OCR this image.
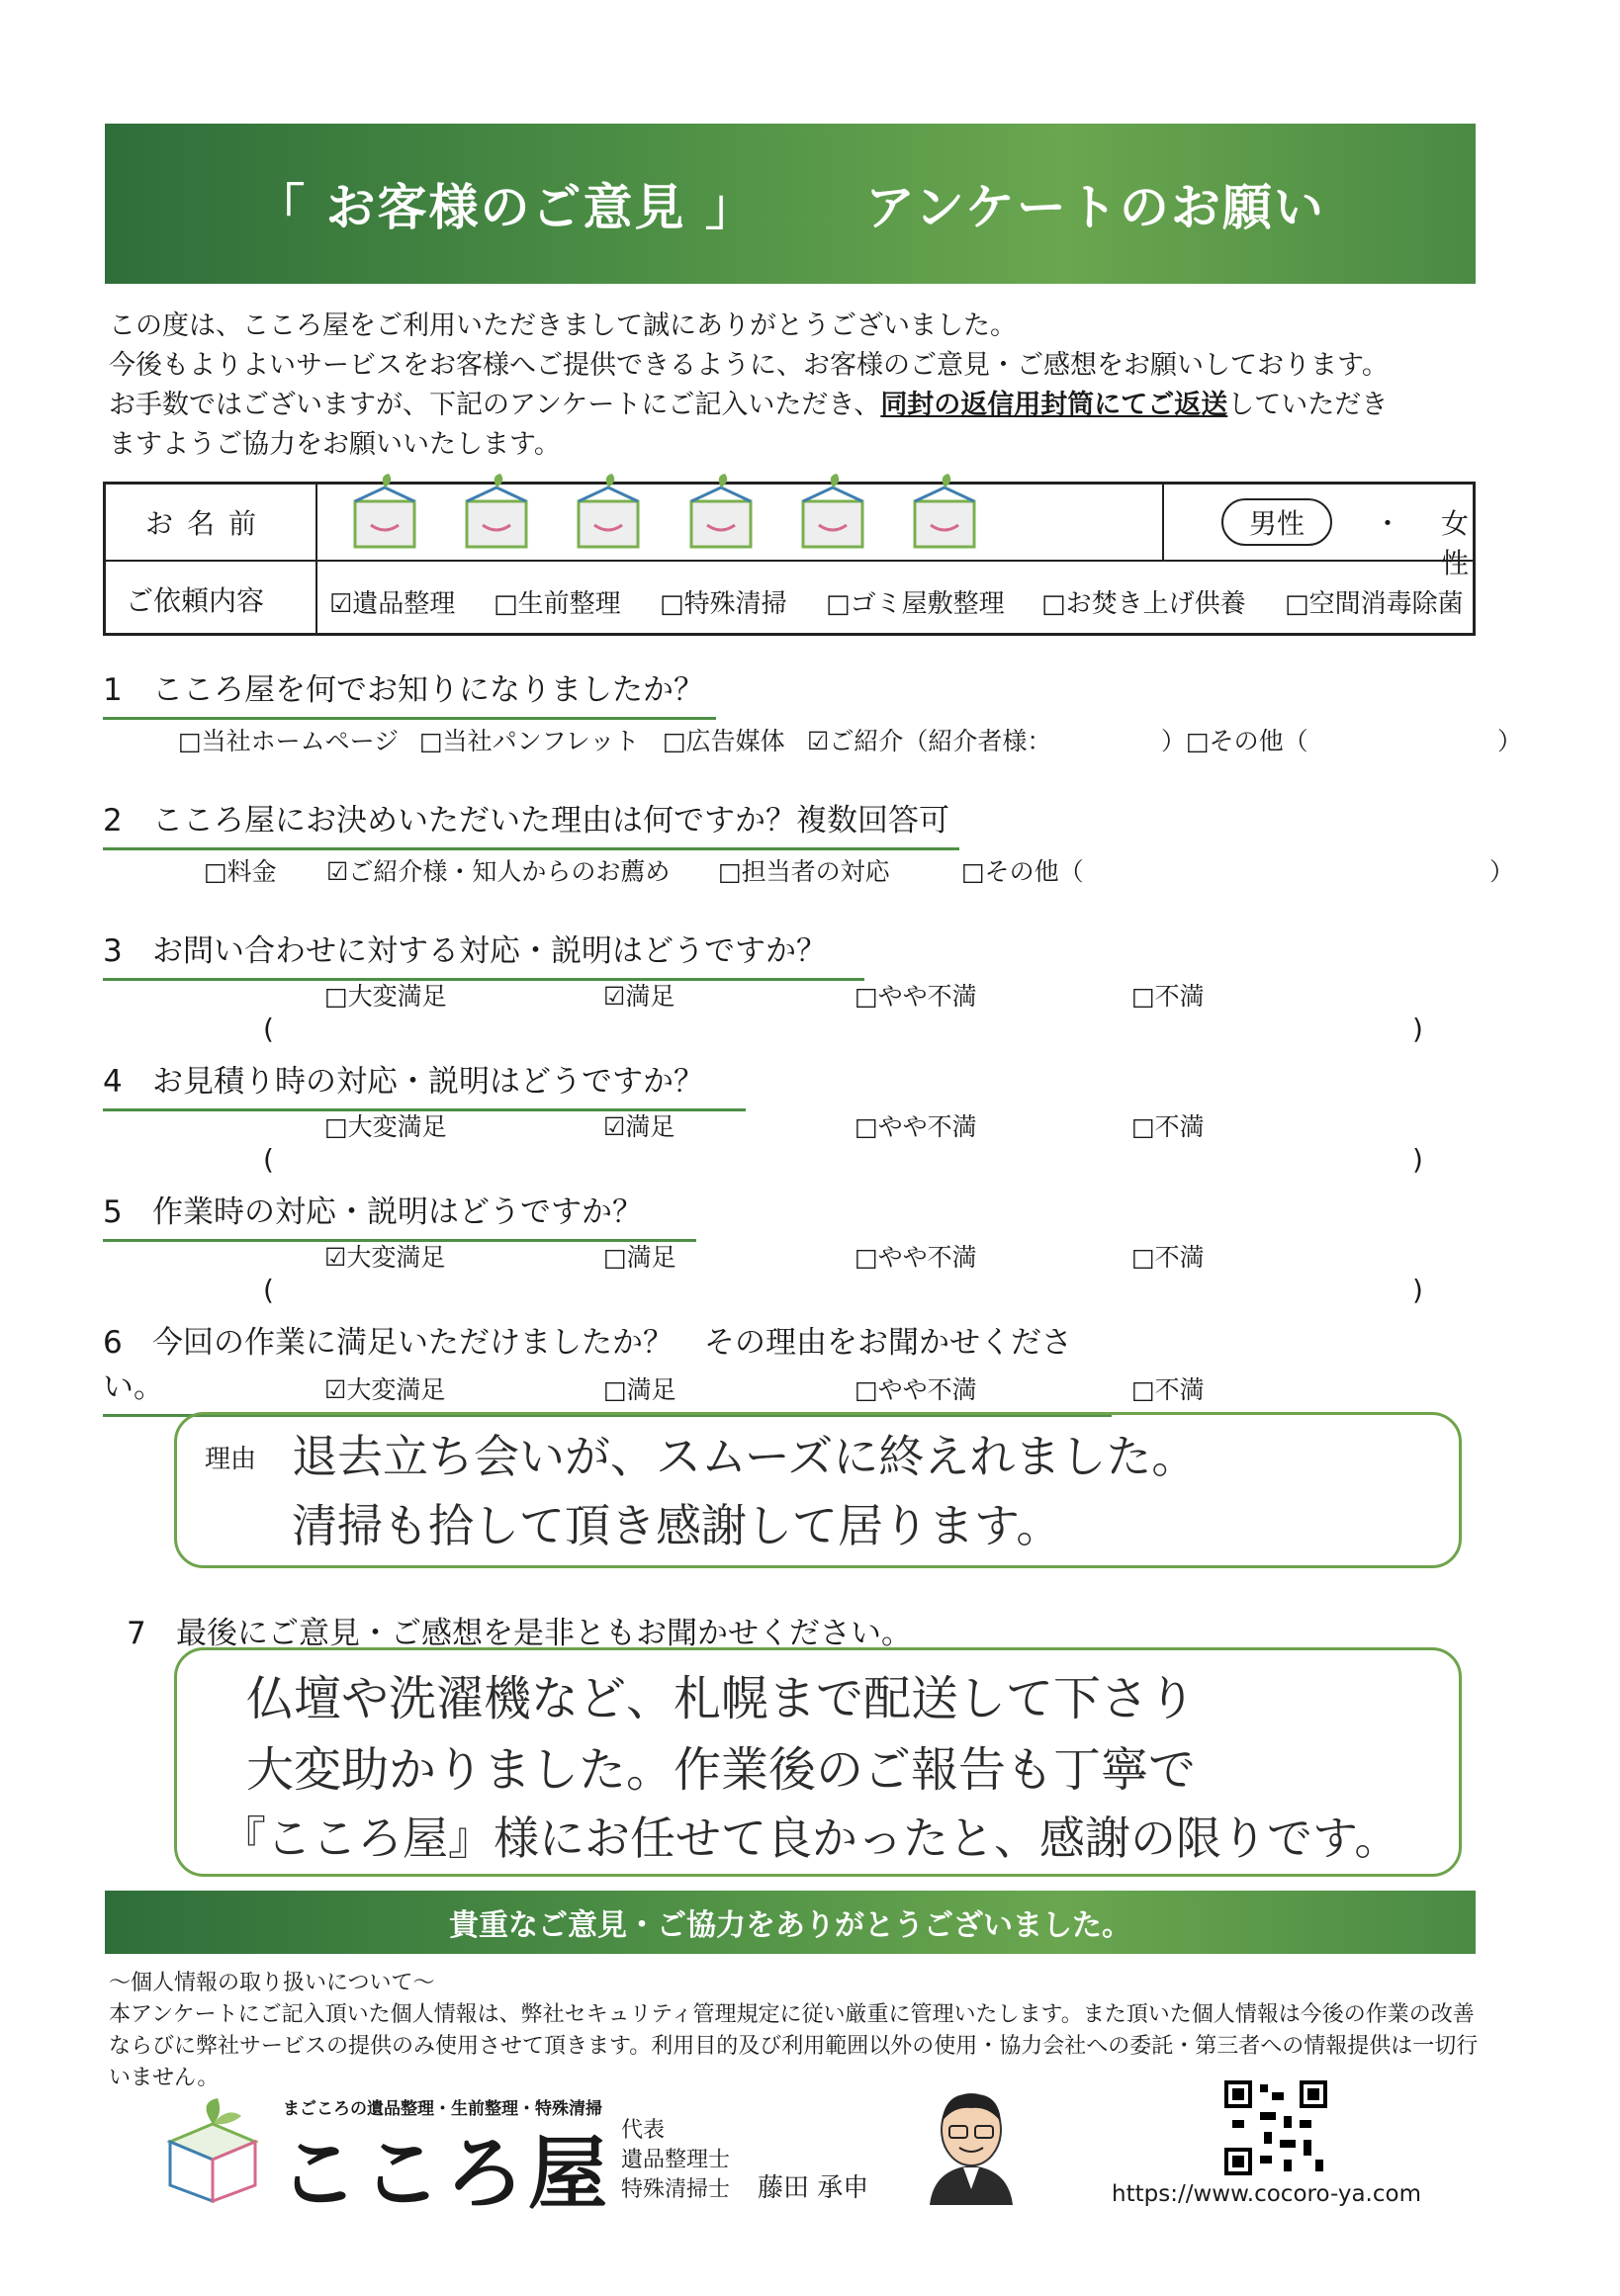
「 お客様のご意見 」 アンケートのお願い

この度は、こころ屋をご利用いただきまして誠にありがとうございました。

今後もよりよいサービスをお客様へご提供できるように、お客様のご意見・ご感想をお願いしております。

お手数ではございますが、下記のアンケートにご記入いただき、同封の返信用封筒にてご返送していただき

ますようご協力をお願いいたします。

お名前	男性	・ 女性
ご依頼内容	☑遺品整理 □生前整理 □特殊清掃 □ゴミ屋敷整理 □お焚き上げ供養 □空間消毒除菌
1 こころ屋を何でお知りになりましたか？
□当社ホームページ □当社パンフレット □広告媒体 ☑ご紹介（紹介者様：	）□その他（	）
2 こころ屋にお決めいただいた理由は何ですか？複数回答可
□料金 ☑ご紹介様・知人からのお薦め □担当者の対応	□その他（	）
3 お問い合わせに対する対応・説明はどうですか？
□大変満足	☑満足	□やや不満	□不満
(	)
4 お見積り時の対応・説明はどうですか？
□大変満足	☑満足	□やや不満	□不満
(	)
5 作業時の対応・説明はどうですか？
☑大変満足	□満足	□やや不満	□不満
(	)
6 今回の作業に満足いただけましたか？　その理由をお聞かせください。	☑大変満足	□満足	□やや不満	□不満
理由 退去立ち会いが、スムーズに終えれました。
清掃も拾して頂き感謝して居ります。
7 最後にご意見・ご感想を是非ともお聞かせください。
仏壇や洗濯機など、札幌まで配送して下さり
大変助かりました。作業後のご報告も丁寧で
『こころ屋』様にお任せて良かったと、感謝の限りです。
貴重なご意見・ご協力をありがとうございました。

〜個人情報の取り扱いについて〜

本アンケートにご記入頂いた個人情報は、弊社セキュリティ管理規定に従い厳重に管理いたします。また頂いた個人情報は今後の作業の改善

ならびに弊社サービスの提供のみ使用させて頂きます。利用目的及び利用範囲以外の使用・協力会社への委託・第三者への情報提供は一切行いません。

まごころの遺品整理・生前整理・特殊清掃
こころ屋 代表
遺品整理士
特殊清掃士 藤田 承申	https://www.cocoro-ya.com
